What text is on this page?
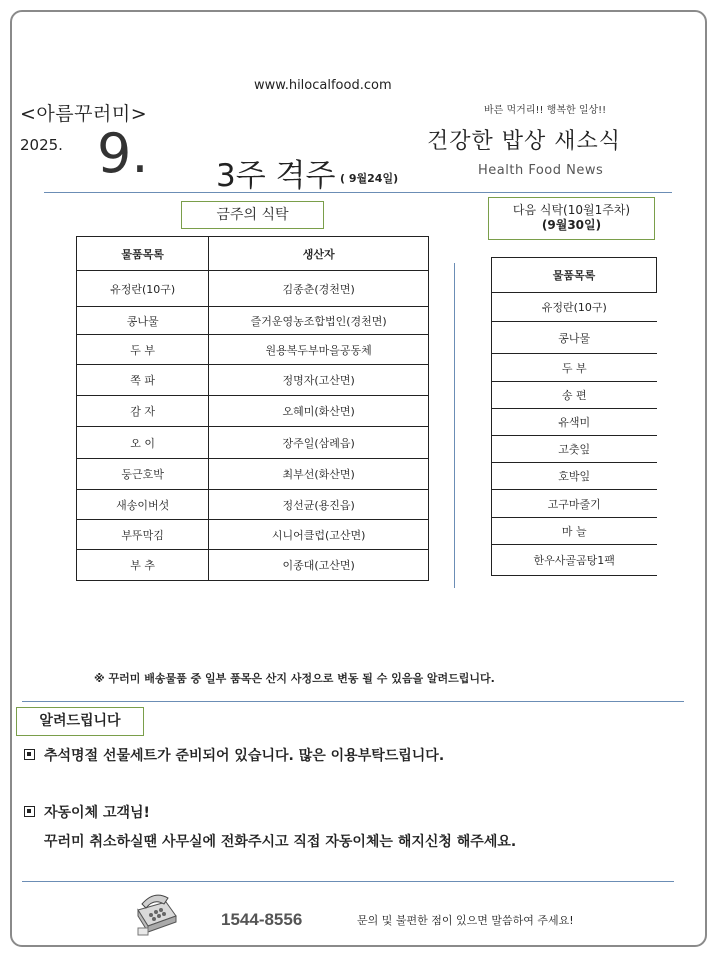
www.hilocalfood.com
<아름꾸러미>	바른 먹거리!! 행복한 일상!!
2025. 9. 3주 격주 ( 9월24일)
건강한 밥상 새소식
Health Food News
금주의 식탁	다음 식탁(10월1주차)
(9월30일)
물품목록	생산자
유정란(10구)	김종춘(경천면)
콩나물	즐거운영농조합법인(경천면)
두 부	원용복두부마을공동체
쪽 파	정명자(고산면)
감 자	오혜미(화산면)
오 이	장주일(삼례읍)
둥근호박	최부선(화산면)
새송이버섯	정선균(용진읍)
부뚜막김	시니어클럽(고산면)
부 추	이종대(고산면)
물품목록
유정란(10구)
콩나물
두 부
송 편
유색미
고춧잎
호박잎
고구마줄기
마 늘
한우사골곰탕1팩
※ 꾸러미 배송물품 중 일부 품목은 산지 사정으로 변동 될 수 있음을 알려드립니다.
알려드립니다
추석명절 선물세트가 준비되어 있습니다. 많은 이용부탁드립니다.
자동이체 고객님!
꾸러미 취소하실땐 사무실에 전화주시고 직접 자동이체는 해지신청 해주세요.
1544-8556	문의 및 불편한 점이 있으면 말씀하여 주세요!
